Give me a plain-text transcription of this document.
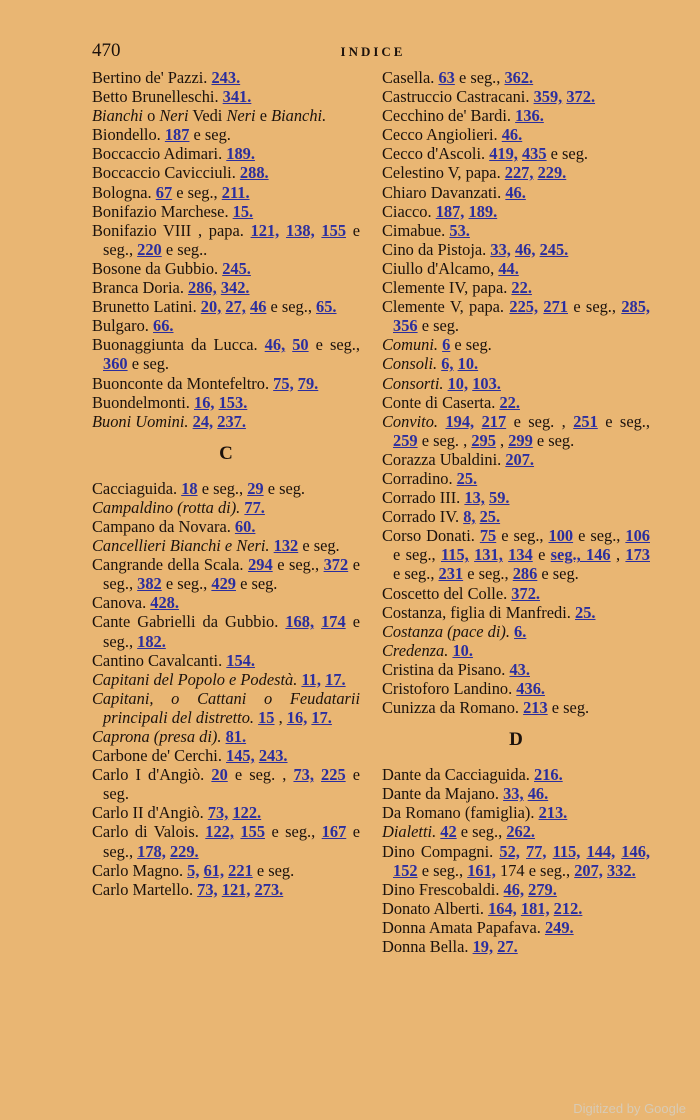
470	INDICE
Bertino de' Pazzi. 243.
Betto Brunelleschi. 341.
Bianchi o Neri Vedi Neri e Bianchi.
Biondello. 187 e seg.
Boccaccio Adimari. 189.
Boccaccio Cavicciuli. 288.
Bologna. 67 e seg., 211.
Bonifazio Marchese. 15.
Bonifazio VIII , papa. 121, 138, 155 e seg., 220 e seg..
Bosone da Gubbio. 245.
Branca Doria. 286, 342.
Brunetto Latini. 20, 27, 46 e seg., 65.
Bulgaro. 66.
Buonaggiunta da Lucca. 46, 50 e seg., 360 e seg.
Buonconte da Montefeltro. 75, 79.
Buondelmonti. 16, 153.
Buoni Uomini. 24, 237.
C
Cacciaguida. 18 e seg., 29 e seg.
Campaldino (rotta di). 77.
Campano da Novara. 60.
Cancellieri Bianchi e Neri. 132 e seg.
Cangrande della Scala. 294 e seg., 372 e seg., 382 e seg., 429 e seg.
Canova. 428.
Cante Gabrielli da Gubbio. 168, 174 e seg., 182.
Cantino Cavalcanti. 154.
Capitani del Popolo e Podestà. 11, 17.
Capitani, o Cattani o Feudatarii principali del distretto. 15 , 16, 17.
Caprona (presa di). 81.
Carbone de' Cerchi. 145, 243.
Carlo I d'Angiò. 20 e seg. , 73, 225 e seg.
Carlo II d'Angiò. 73, 122.
Carlo di Valois. 122, 155 e seg., 167 e seg., 178, 229.
Carlo Magno. 5, 61, 221 e seg.
Carlo Martello. 73, 121, 273.
Casella. 63 e seg., 362.
Castruccio Castracani. 359, 372.
Cecchino de' Bardi. 136.
Cecco Angiolieri. 46.
Cecco d'Ascoli. 419, 435 e seg.
Celestino V, papa. 227, 229.
Chiaro Davanzati. 46.
Ciacco. 187, 189.
Cimabue. 53.
Cino da Pistoja. 33, 46, 245.
Ciullo d'Alcamo, 44.
Clemente IV, papa. 22.
Clemente V, papa. 225, 271 e seg., 285, 356 e seg.
Comuni. 6 e seg.
Consoli. 6, 10.
Consorti. 10, 103.
Conte di Caserta. 22.
Convito. 194, 217 e seg. , 251 e seg., 259 e seg. , 295 , 299 e seg.
Corazza Ubaldini. 207.
Corradino. 25.
Corrado III. 13, 59.
Corrado IV. 8, 25.
Corso Donati. 75 e seg., 100 e seg., 106 e seg., 115, 131, 134 e seg., 146 , 173 e seg., 231 e seg., 286 e seg.
Coscetto del Colle. 372.
Costanza, figlia di Manfredi. 25.
Costanza (pace di). 6.
Credenza. 10.
Cristina da Pisano. 43.
Cristoforo Landino. 436.
Cunizza da Romano. 213 e seg.
D
Dante da Cacciaguida. 216.
Dante da Majano. 33, 46.
Da Romano (famiglia). 213.
Dialetti. 42 e seg., 262.
Dino Compagni. 52, 77, 115, 144, 146, 152 e seg., 161, 174 e seg., 207, 332.
Dino Frescobaldi. 46, 279.
Donato Alberti. 164, 181, 212.
Donna Amata Papafava. 249.
Donna Bella. 19, 27.
Digitized by Google
